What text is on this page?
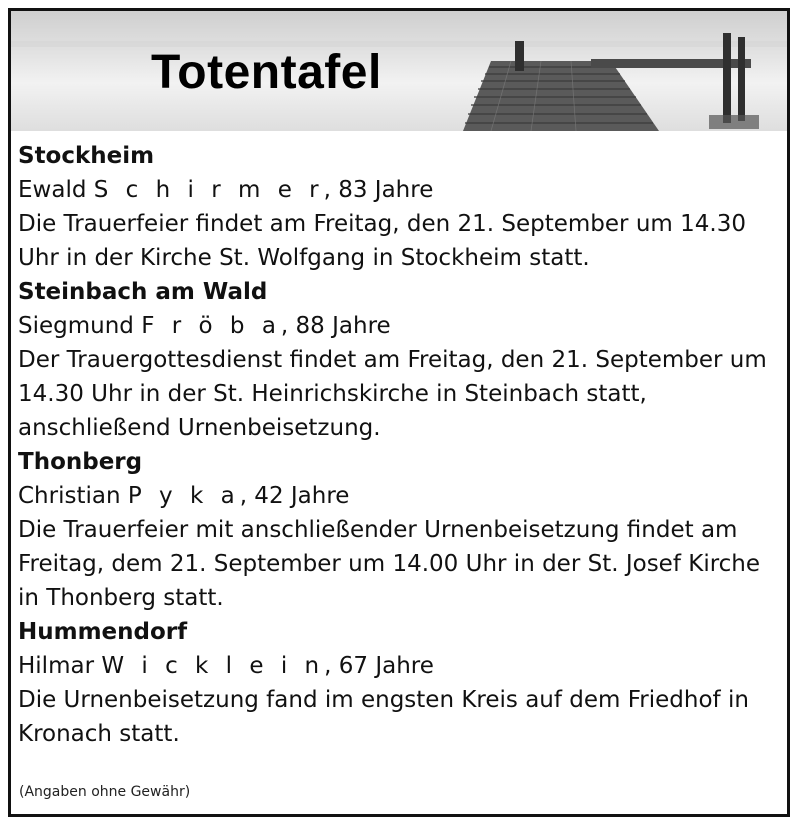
Totentafel
Stockheim
Ewald S c h i r m e r, 83 Jahre
Die Trauerfeier findet am Freitag, den 21. September um 14.30
Uhr in der Kirche St. Wolfgang in Stockheim statt.
Steinbach am Wald
Siegmund F r ö b a, 88 Jahre
Der Trauergottesdienst findet am Freitag, den 21. September um
14.30 Uhr in der St. Heinrichskirche in Steinbach statt,
anschließend Urnenbeisetzung.
Thonberg
Christian P y k a, 42 Jahre
Die Trauerfeier mit anschließender Urnenbeisetzung findet am
Freitag, dem 21. September um 14.00 Uhr in der St. Josef Kirche
in Thonberg statt.
Hummendorf
Hilmar W i c k l e i n, 67 Jahre
Die Urnenbeisetzung fand im engsten Kreis auf dem Friedhof in
Kronach statt.
(Angaben ohne Gewähr)
